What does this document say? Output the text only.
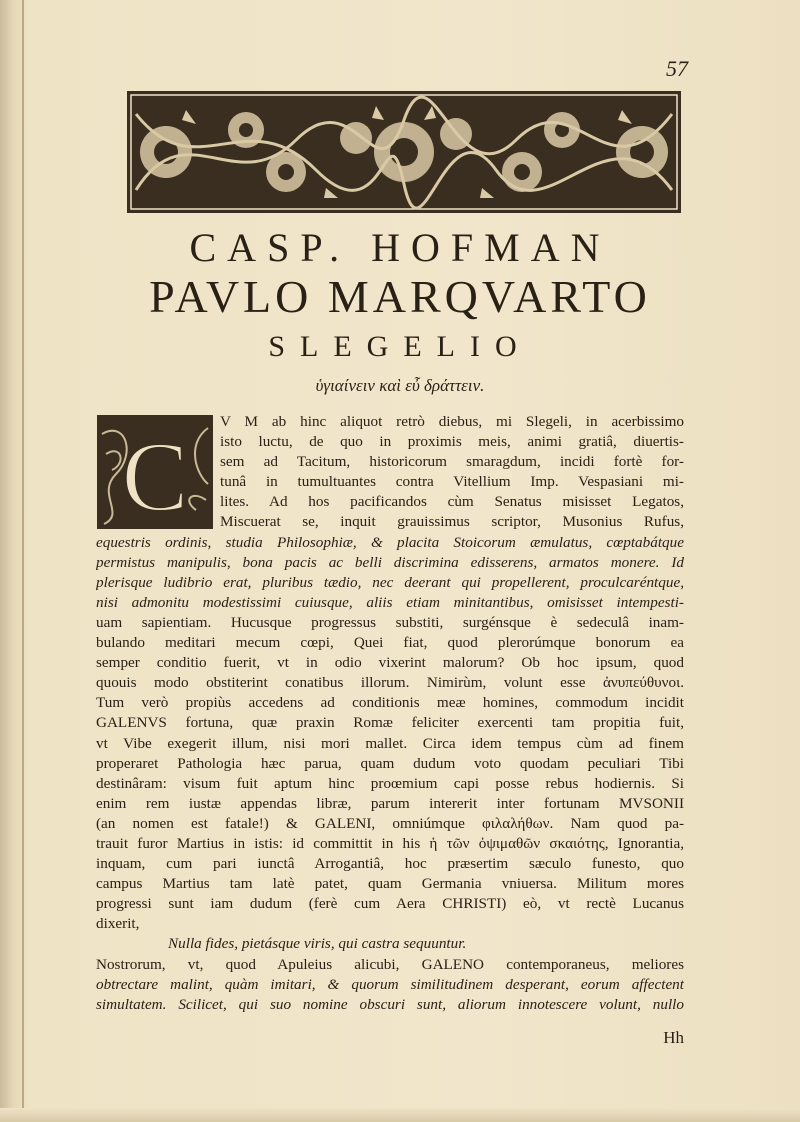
57
CASP. HOFMAN
PAVLO MARQVARTO
SLEGELIO
ὑγιαίνειν καὶ εὖ δράττειν.
C	V M ab hinc aliquot retrò diebus, mi Slegeli, in acerbissimo
isto luctu, de quo in proximis meis, animi gratiâ, diuertis-
sem ad Tacitum, historicorum smaragdum, incidi fortè for-
tunâ in tumultuantes contra Vitellium Imp. Vespasiani mi-
lites. Ad hos pacificandos cùm Senatus misisset Legatos,
Miscuerat se, inquit grauissimus scriptor, Musonius Rufus,
equestris ordinis, studia Philosophiæ, & placita Stoicorum æmulatus, cœptabátque
permistus manipulis, bona pacis ac belli discrimina edisserens, armatos monere. Id
plerisque ludibrio erat, pluribus tædio, nec deerant qui propellerent, proculcaréntque,
nisi admonitu modestissimi cuiusque, aliis etiam minitantibus, omisisset intempesti-
uam sapientiam. Hucusque progressus substiti, surgénsque è sedeculâ inam-
bulando meditari mecum cœpi, Quei fiat, quod plerorúmque bonorum ea
semper conditio fuerit, vt in odio vixerint malorum? Ob hoc ipsum, quod
quouis modo obstiterint conatibus illorum. Nimirùm, volunt esse ἀνυπεύθυνοι.
Tum verò propiùs accedens ad conditionis meæ homines, commodum incidit
GALENVS fortuna, quæ praxin Romæ feliciter exercenti tam propitia fuit,
vt Vibe exegerit illum, nisi mori mallet. Circa idem tempus cùm ad finem
properaret Pathologia hæc parua, quam dudum voto quodam peculiari Tibi
destinâram: visum fuit aptum hinc proœmium capi posse rebus hodiernis. Si
enim rem iustæ appendas libræ, parum intererit inter fortunam MVSONII
(an nomen est fatale!) & GALENI, omniúmque φιλαλήθων. Nam quod pa-
trauit furor Martius in istis: id committit in his ἡ τῶν ὀψιμαθῶν σκαιότης, Ignorantia,
inquam, cum pari iunctâ Arrogantiâ, hoc præsertim sæculo funesto, quo
campus Martius tam latè patet, quam Germania vniuersa. Militum mores
progressi sunt iam dudum (ferè cum Aera CHRISTI) eò, vt rectè Lucanus
dixerit,
Nulla fides, pietásque viris, qui castra sequuntur.
Nostrorum, vt, quod Apuleius alicubi, GALENO contemporaneus, meliores
obtrectare malint, quàm imitari, & quorum similitudinem desperant, eorum affectent
simultatem. Scilicet, qui suo nomine obscuri sunt, aliorum innotescere volunt, nullo
Hh
